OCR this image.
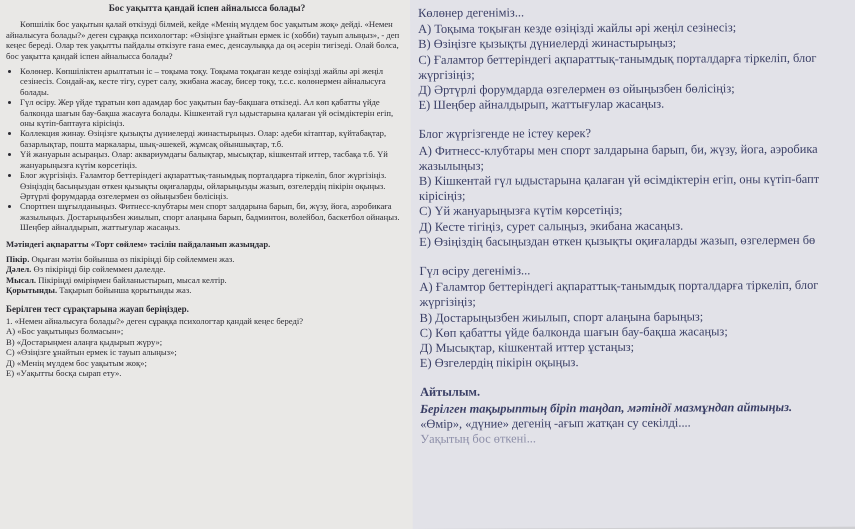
Бос уақытта қандай іспен айналысса болады?

Көпшілік бос уақытын қалай өткізуді білмей, кейде «Менің мүлдем бос уақытым жоқ» дейді. «Немен айналысуға болады?» деген сұраққа психологтар: «Өзіңізге ұнайтын ермек іс (хобби) тауып алыңыз», - деп кеңес береді. Олар тек уақытты пайдалы өткізуге ғана емес, денсаулыққа да оң әсерін тигізеді. Олай болса, бос уақытта қандай іспен айналысса болады?

• Көлөнер. Көпшіліктен арылтатын іс – тоқыма тоқу. Тоқыма тоқыған кезде өзіңізді жайлы әрі жеңіл сезінесіз. Сондай-ақ, кесте тігу, сурет салу, экибана жасау, бисер тоқу, т.с.с. көлөнермен айналысуға болады.
• Гүл өсіру. Жер үйде тұратын көп адамдар бос уақытын бау-бақшаға өткізеді. Ал көп қабатты үйде балконда шағын бау-бақша жасауға болады. Кішкентай гүл ыдыстарына қалаған үй өсімдіктерін егіп, оны күтіп-баптауға кірісіңіз.
• Коллекция жинау. Өзіңізге қызықты дүниелерді жинастырыңыз. Олар: әдеби кітаптар, күйтабақтар, базарлықтар, пошта маркалары, шық-әшекей, жұмсақ ойыншықтар, т.б.
• Үй жануарын асыраңыз. Олар: аквариумдағы балықтар, мысықтар, кішкентай иттер, тасбақа т.б. Үй жануарыңызға күтім көрсетіңіз.
• Блог жүргізіңіз. Ғаламтор беттеріндегі ақпараттық-танымдық порталдарға тіркеліп, блог жүргізіңіз. Өзіңіздің басыңыздан өткен қызықты оқиғаларды, ойларыңызды жазып, өзгелердің пікірін оқыңыз. Әртүрлі форумдарда өзгелермен өз ойыңызбен бөлісіңіз.
• Спортпен шұғылданыңыз. Фитнесс-клубтары мен спорт залдарына барып, би, жүзу, йога, аэробикаға жазылыңыз. Достарыңызбен жиылып, спорт алаңына барып, бадминтон, волейбол, баскетбол ойнаңыз. Шеңбер айналдырып, жаттығулар жасаңыз.
Мәтіндегі ақпаратты «Торт сөйлем» тәсілін пайдаланып жазыңдар.
Пікір. Оқыған мәтін бойынша өз пікіріңді бір сөйлеммен жаз.
Дәлел. Өз пікіріңді бір сөйлеммен дәлелде.
Мысал. Пікіріңді өміріңмен байланыстырып, мысал келтір.
Қорытынды. Тақырып бойынша қорытынды жаз.
Берілген тест сұрақтарына жауап беріңіздер.
1. «Немен айналысуға болады?» деген сұраққа психологтар қандай кеңес береді?
А) «Бос уақытыңыз болмасын»;
В) «Достарыңмен алаңға қыдырып жүру»;
С) «Өзіңізге ұнайтын ермек іс тауып алыңыз»;
Д) «Менің мүлдем бос уақытым жоқ»;
Е) «Уақытты босқа сырап ету».
Көлөнер дегеніміз...
А) Тоқыма тоқыған кезде өзіңізді жайлы әрі жеңіл сезінесіз;
В) Өзіңізге қызықты дүниелерді жинастырыңыз;
С) Ғаламтор беттеріндегі ақпараттық-танымдық порталдарға тіркеліп, блог
жүргізіңіз;
Д) Әртүрлі форумдарда өзгелермен өз ойыңызбен бөлісіңіз;
Е) Шеңбер айналдырып, жаттығулар жасаңыз.
Блог жүргізгенде не істеу керек?
А) Фитнесс-клубтары мен спорт залдарына барып, би, жүзу, йога, аэробика
жазылыңыз;
В) Кішкентай гүл ыдыстарына қалаған үй өсімдіктерін егіп, оны күтіп-бапт
кірісіңіз;
С) Үй жануарыңызға күтім көрсетіңіз;
Д) Кесте тігіңіз, сурет салыңыз, экибана жасаңыз.
Е) Өзіңіздің басыңыздан өткен қызықты оқиғаларды жазып, өзгелермен бө
Гүл өсіру дегеніміз...
А) Ғаламтор беттеріндегі ақпараттық-танымдық порталдарға тіркеліп, блог
жүргізіңіз;
В) Достарыңызбен жиылып, спорт алаңына барыңыз;
С) Көп қабатты үйде балконда шағын бау-бақша жасаңыз;
Д) Мысықтар, кішкентай иттер ұстаңыз;
Е) Өзгелердің пікірін оқыңыз.
Айтылым.
Берілген тақырыптың біріп таңдап, мәтіндї мазмұндап айтыңыз.
«Өмір», «дүние» дегенің -ағып жатқан су секілді....
Уақытың бос өткені...
